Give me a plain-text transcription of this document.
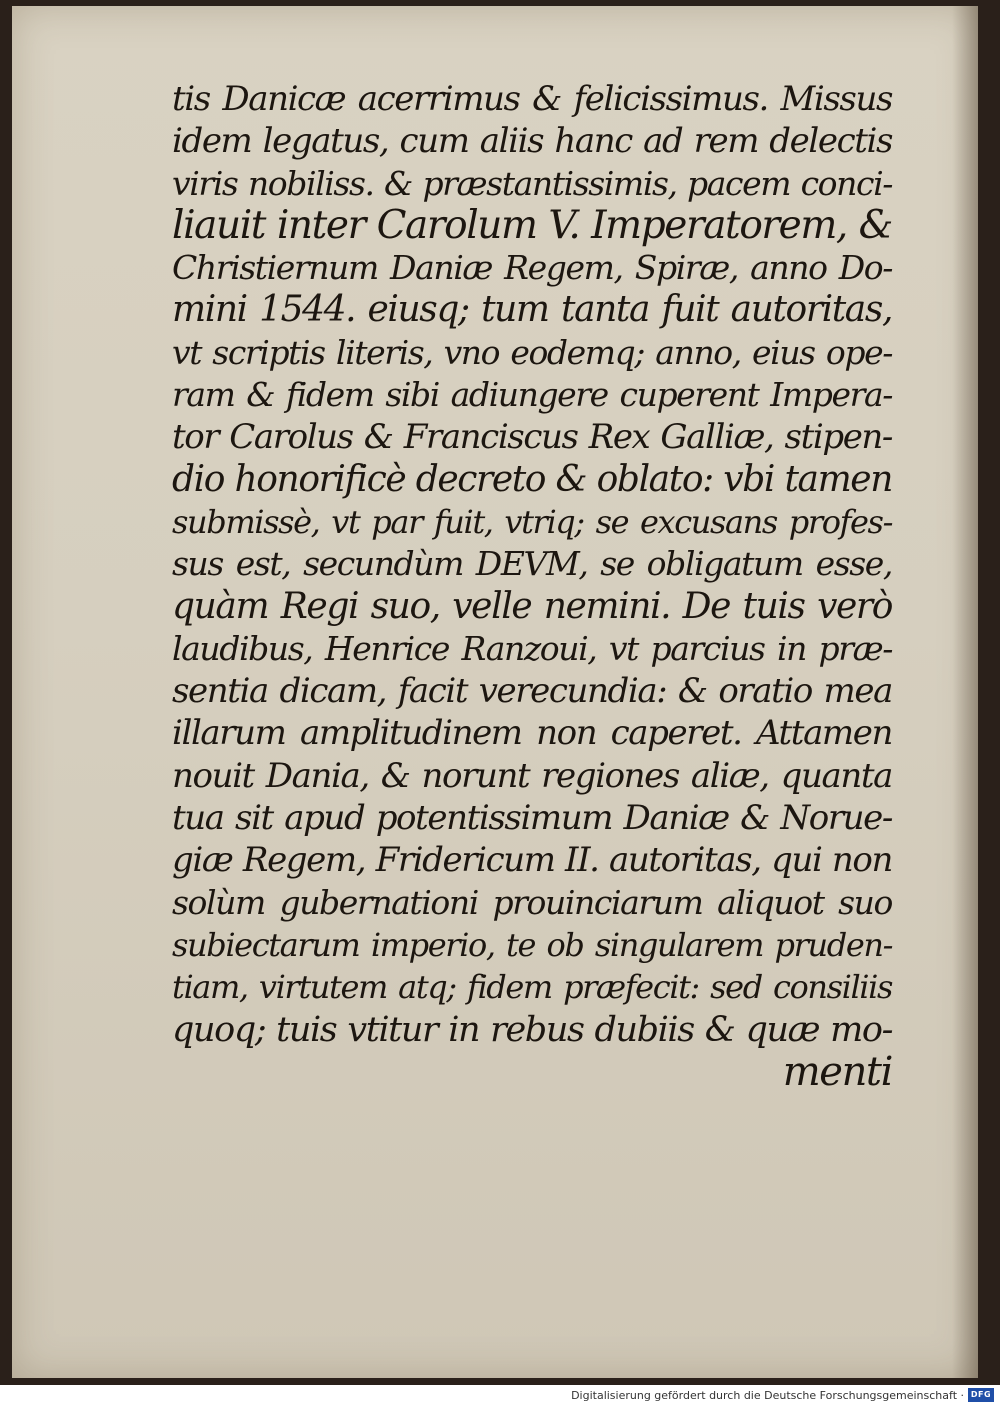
tis Danicæ acerrimus & felicissimus. Missus
idem legatus, cum aliis hanc ad rem delectis
viris nobiliss. & præstantissimis, pacem conci-
liauit inter Carolum V. Imperatorem, &
Christiernum Daniæ Regem, Spiræ, anno Do-
mini 1544. eiusq; tum tanta fuit autoritas,
vt scriptis literis, vno eodemq; anno, eius ope-
ram & fidem sibi adiungere cuperent Impera-
tor Carolus & Franciscus Rex Galliæ, stipen-
dio honorificè decreto & oblato: vbi tamen
submissè, vt par fuit, vtriq; se excusans profes-
sus est, secundùm DEVM, se obligatum esse,
quàm Regi suo, velle nemini. De tuis verò
laudibus, Henrice Ranzoui, vt parcius in præ-
sentia dicam, facit verecundia: & oratio mea
illarum amplitudinem non caperet. Attamen
nouit Dania, & norunt regiones aliæ, quanta
tua sit apud potentissimum Daniæ & Norue-
giæ Regem, Fridericum II. autoritas, qui non
solùm gubernationi prouinciarum aliquot suo
subiectarum imperio, te ob singularem pruden-
tiam, virtutem atq; fidem præfecit: sed consiliis
quoq; tuis vtitur in rebus dubiis & quæ mo-
menti
Digitalisierung gefördert durch die Deutsche Forschungsgemeinschaft · DFG
